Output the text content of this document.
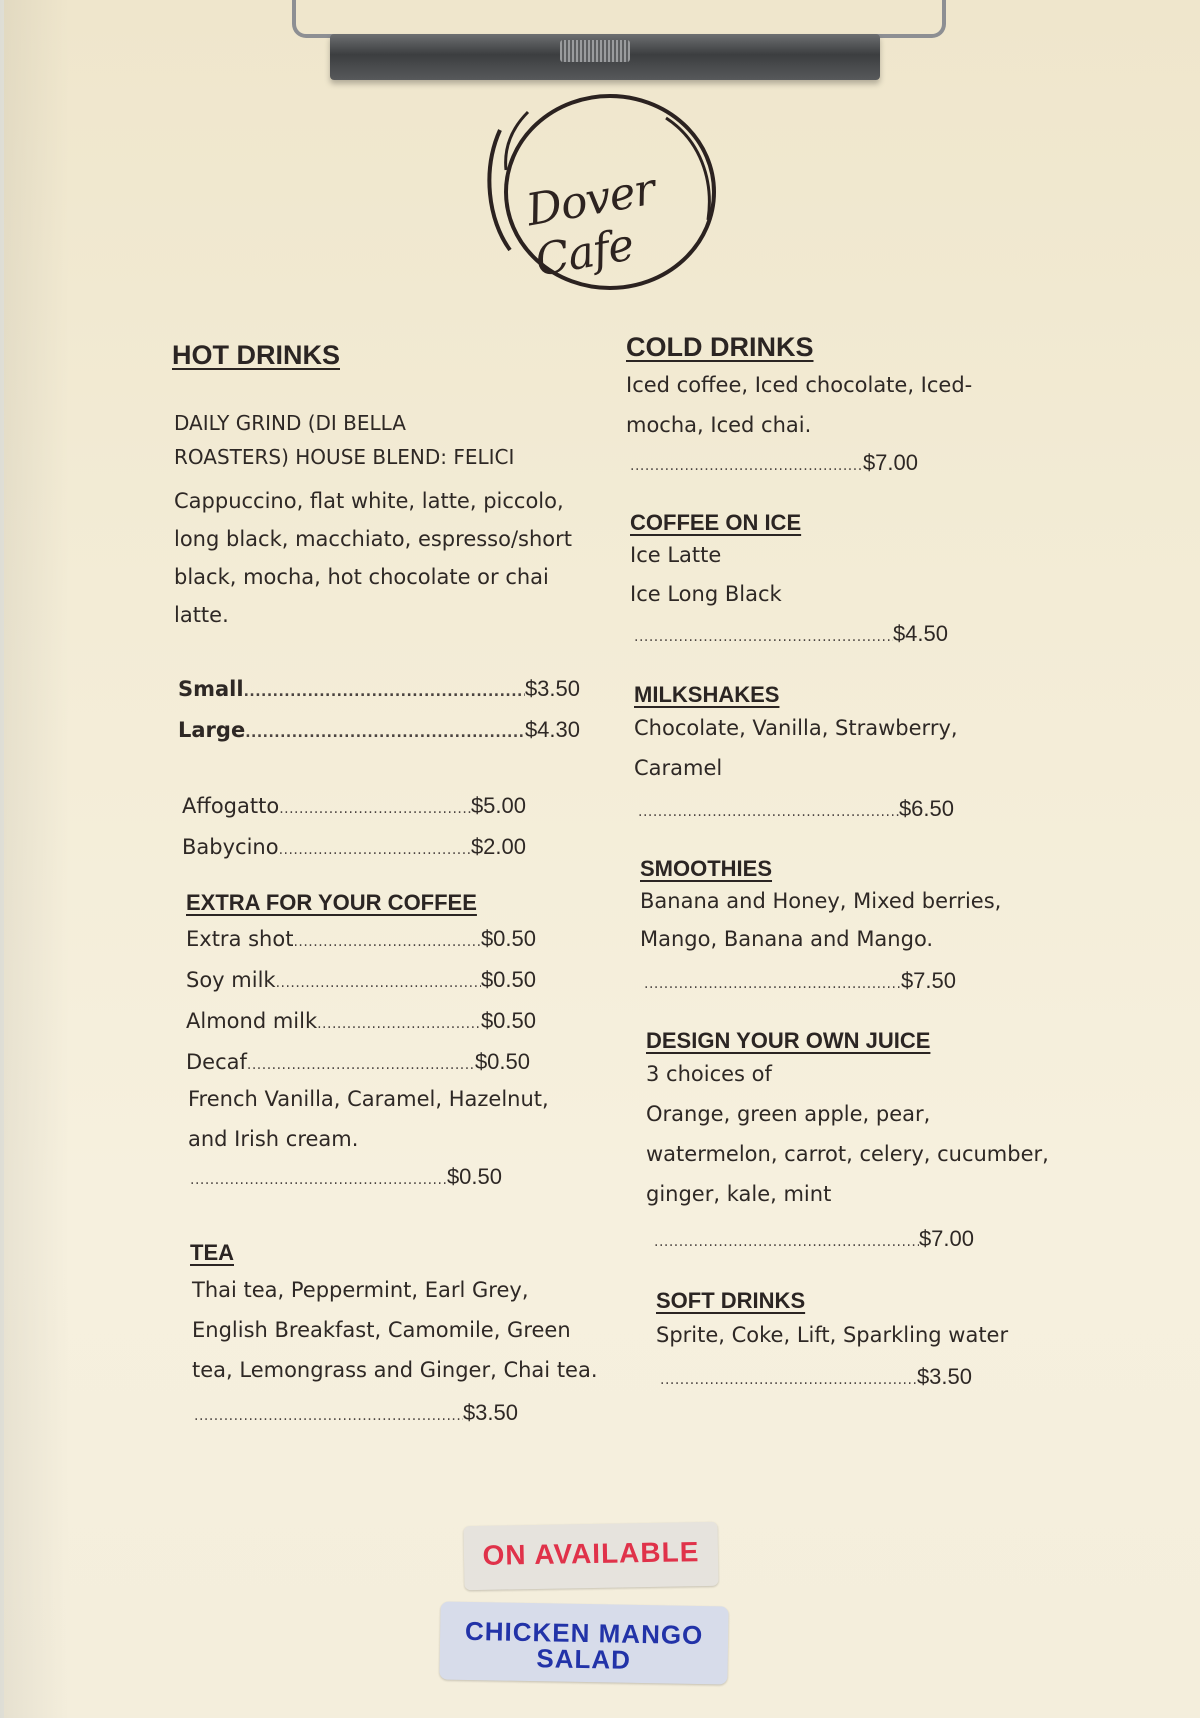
Dover Cafe
HOT DRINKS

DAILY GRIND (DI BELLA

ROASTERS) HOUSE BLEND: FELICI

Cappuccino, flat white, latte, piccolo,

long black, macchiato, espresso/short

black, mocha, hot chocolate or chai

latte.

Small .....	$3.50
Large .....	$4.30
Affogatto .....	$5.00
Babycino .....	$2.00
EXTRA FOR YOUR COFFEE
Extra shot .....	$0.50
Soy milk .....	$0.50
Almond milk .....	$0.50
Decaf .....	$0.50

French Vanilla, Caramel, Hazelnut,

and Irish cream.

.....
$0.50
TEA

Thai tea, Peppermint, Earl Grey,

English Breakfast, Camomile, Green

tea, Lemongrass and Ginger, Chai tea.

.....
$3.50
COLD DRINKS

Iced coffee, Iced chocolate, Iced-

mocha, Iced chai.

.....
$7.00
COFFEE ON ICE

Ice Latte

Ice Long Black

.....
$4.50
MILKSHAKES

Chocolate, Vanilla, Strawberry,

Caramel

.....
$6.50
SMOOTHIES

Banana and Honey, Mixed berries,

Mango, Banana and Mango.

.....
$7.50
DESIGN YOUR OWN JUICE

3 choices of

Orange, green apple, pear,

watermelon, carrot, celery, cucumber,

ginger, kale, mint

.....
$7.00
SOFT DRINKS

Sprite, Coke, Lift, Sparkling water

.....
$3.50
ON AVAILABLE
CHICKEN MANGO SALAD
